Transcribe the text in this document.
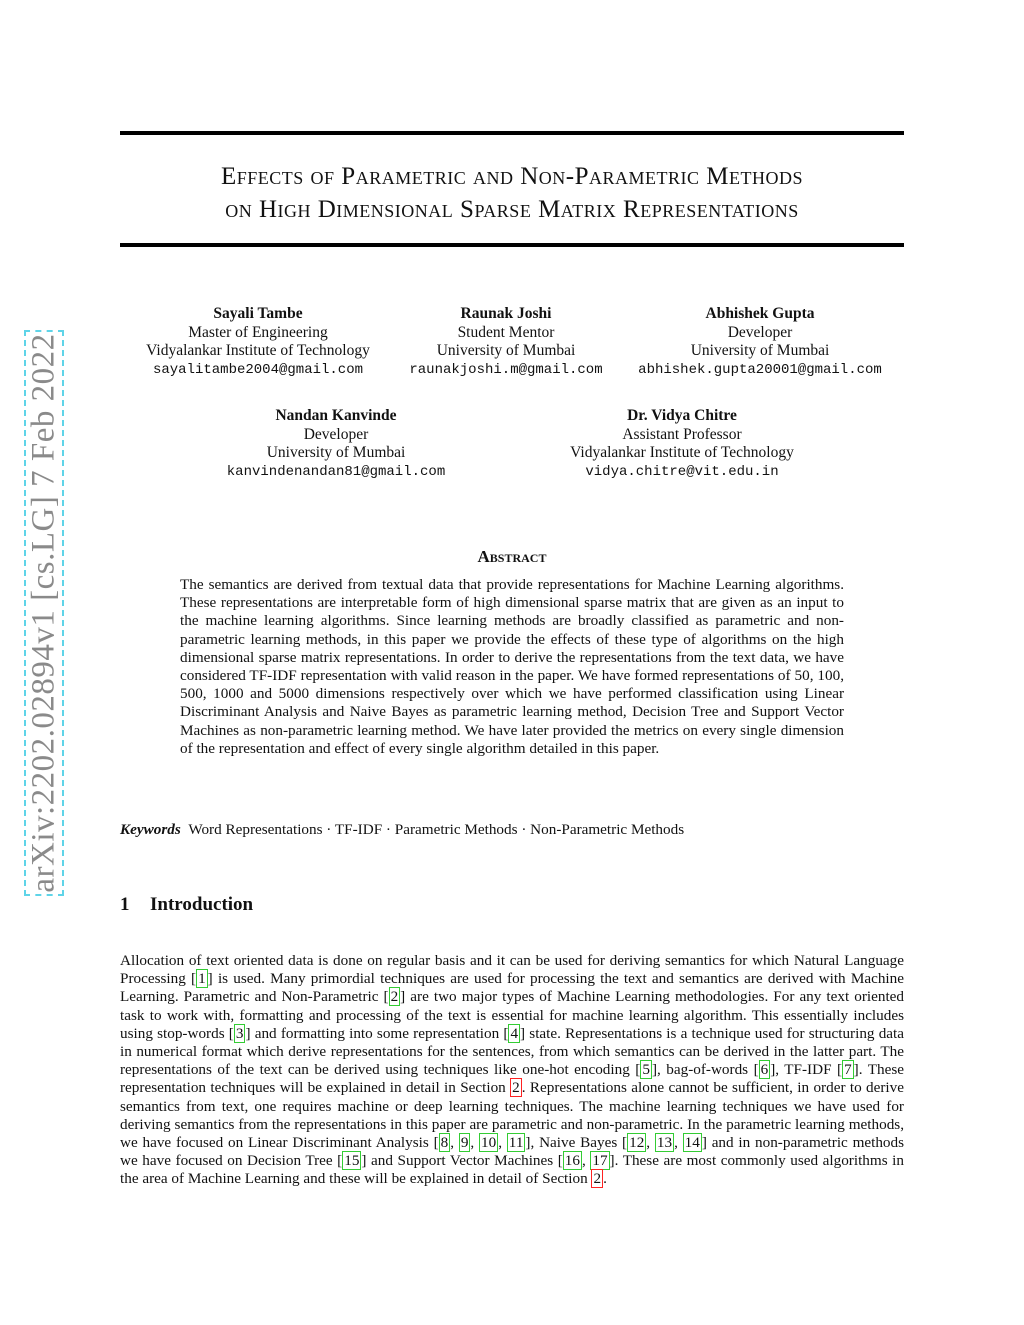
Effects of Parametric and Non-Parametric Methods
on High Dimensional Sparse Matrix Representations
Sayali Tambe
Master of Engineering
Vidyalankar Institute of Technology
sayalitambe2004@gmail.com
Raunak Joshi
Student Mentor
University of Mumbai
raunakjoshi.m@gmail.com
Abhishek Gupta
Developer
University of Mumbai
abhishek.gupta20001@gmail.com
Nandan Kanvinde
Developer
University of Mumbai
kanvindenandan81@gmail.com
Dr. Vidya Chitre
Assistant Professor
Vidyalankar Institute of Technology
vidya.chitre@vit.edu.in
arXiv:2202.02894v1 [cs.LG] 7 Feb 2022	Abstract
The semantics are derived from textual data that provide representations for Machine Learning algorithms. These representations are interpretable form of high dimensional sparse matrix that are given as an input to the machine learning algorithms. Since learning methods are broadly classified as parametric and non-parametric learning methods, in this paper we provide the effects of these type of algorithms on the high dimensional sparse matrix representations. In order to derive the representations from the text data, we have considered TF-IDF representation with valid reason in the paper. We have formed representations of 50, 100, 500, 1000 and 5000 dimensions respectively over which we have performed classification using Linear Discriminant Analysis and Naive Bayes as parametric learning method, Decision Tree and Support Vector Machines as non-parametric learning method. We have later provided the metrics on every single dimension of the representation and effect of every single algorithm detailed in this paper.
Keywords Word Representations · TF-IDF · Parametric Methods · Non-Parametric Methods
1 Introduction
Allocation of text oriented data is done on regular basis and it can be used for deriving semantics for which Natural Language Processing [ 1 ] is used. Many primordial techniques are used for processing the text and semantics are derived with Machine Learning. Parametric and Non-Parametric [ 2 ] are two major types of Machine Learning methodologies. For any text oriented task to work with, formatting and processing of the text is essential for machine learning algorithm. This essentially includes using stop-words [ 3 ] and formatting into some representation [ 4 ] state. Representations is a technique used for structuring data in numerical format which derive representations for the sentences, from which semantics can be derived in the latter part. The representations of the text can be derived using techniques like one-hot encoding [ 5 ], bag-of-words [ 6 ], TF-IDF [ 7 ]. These representation techniques will be explained in detail in Section 2 . Representations alone cannot be sufficient, in order to derive semantics from text, one requires machine or deep learning techniques. The machine learning techniques we have used for deriving semantics from the representations in this paper are parametric and non-parametric. In the parametric learning methods, we have focused on Linear Discriminant Analysis [ 8 , 9 , 10 , 11 ], Naive Bayes [ 12 , 13 , 14 ] and in non-parametric methods we have focused on Decision Tree [ 15 ] and Support Vector Machines [ 16 , 17 ]. These are most commonly used algorithms in the area of Machine Learning and these will be explained in detail of Section 2 .
